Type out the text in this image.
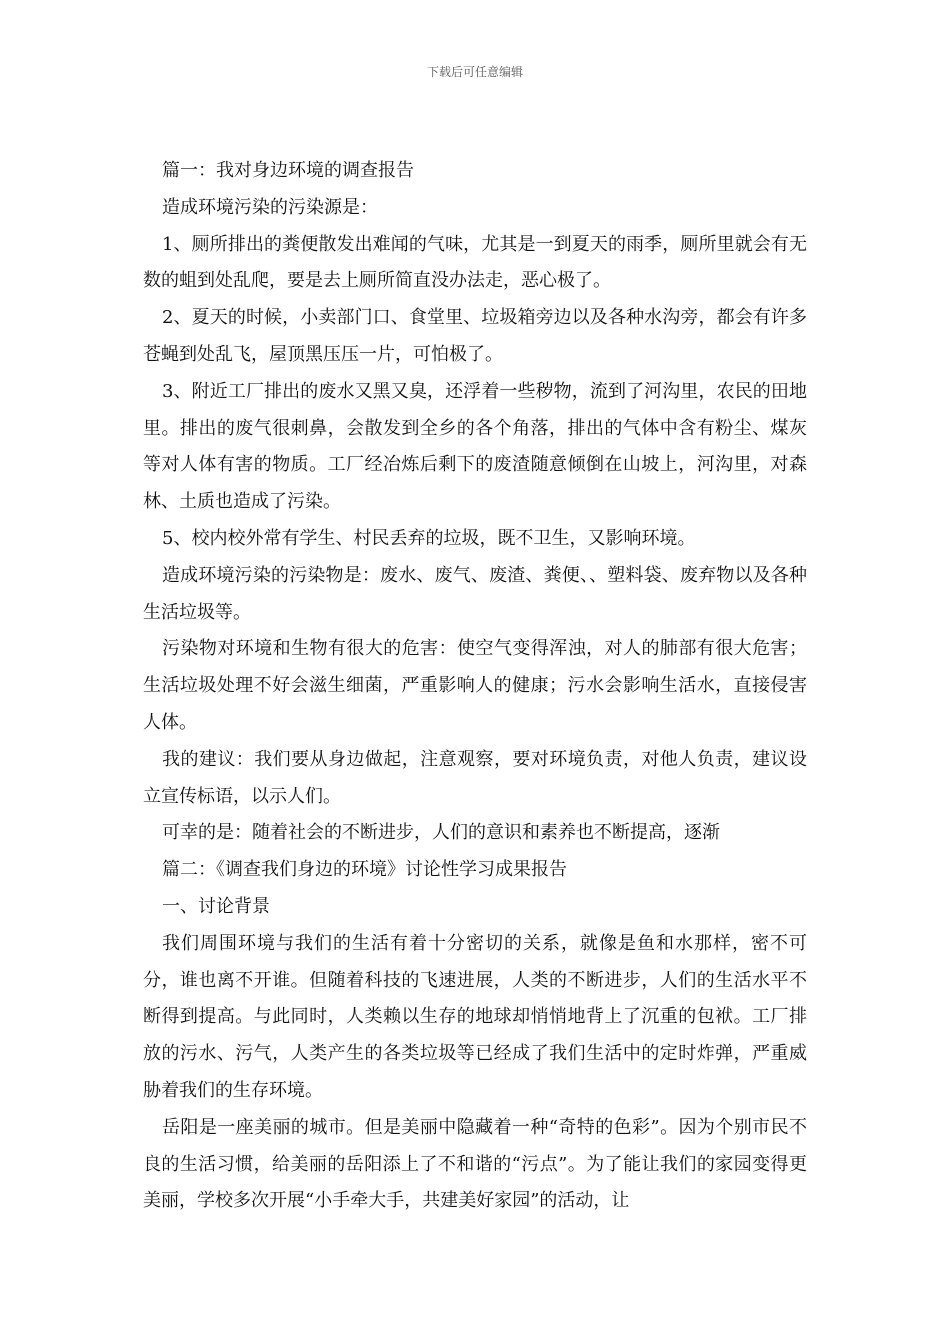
下载后可任意编辑

篇一：我对身边环境的调查报告

造成环境污染的污染源是：

1、厕所排出的粪便散发出难闻的气味，尤其是一到夏天的雨季，厕所里就会有无数的蛆到处乱爬，要是去上厕所简直没办法走，恶心极了。

2、夏天的时候，小卖部门口、食堂里、垃圾箱旁边以及各种水沟旁，都会有许多苍蝇到处乱飞，屋顶黑压压一片，可怕极了。

3、附近工厂排出的废水又黑又臭，还浮着一些秽物，流到了河沟里，农民的田地里。排出的废气很刺鼻，会散发到全乡的各个角落，排出的气体中含有粉尘、煤灰等对人体有害的物质。工厂经冶炼后剩下的废渣随意倾倒在山坡上，河沟里，对森林、土质也造成了污染。

5、校内校外常有学生、村民丢弃的垃圾，既不卫生，又影响环境。

造成环境污染的污染物是：废水、废气、废渣、粪便、、塑料袋、废弃物以及各种生活垃圾等。

污染物对环境和生物有很大的危害：使空气变得浑浊，对人的肺部有很大危害；生活垃圾处理不好会滋生细菌，严重影响人的健康；污水会影响生活水，直接侵害人体。

我的建议：我们要从身边做起，注意观察，要对环境负责，对他人负责，建议设立宣传标语，以示人们。

可幸的是：随着社会的不断进步，人们的意识和素养也不断提高，逐渐

篇二：《调查我们身边的环境》讨论性学习成果报告

一、讨论背景

我们周围环境与我们的生活有着十分密切的关系，就像是鱼和水那样，密不可分，谁也离不开谁。但随着科技的飞速进展，人类的不断进步，人们的生活水平不断得到提高。与此同时，人类赖以生存的地球却悄悄地背上了沉重的包袱。工厂排放的污水、污气，人类产生的各类垃圾等已经成了我们生活中的定时炸弹，严重威胁着我们的生存环境。

岳阳是一座美丽的城市。但是美丽中隐藏着一种“奇特的色彩”。因为个别市民不良的生活习惯，给美丽的岳阳添上了不和谐的“污点”。为了能让我们的家园变得更美丽，学校多次开展“小手牵大手，共建美好家园”的活动，让
